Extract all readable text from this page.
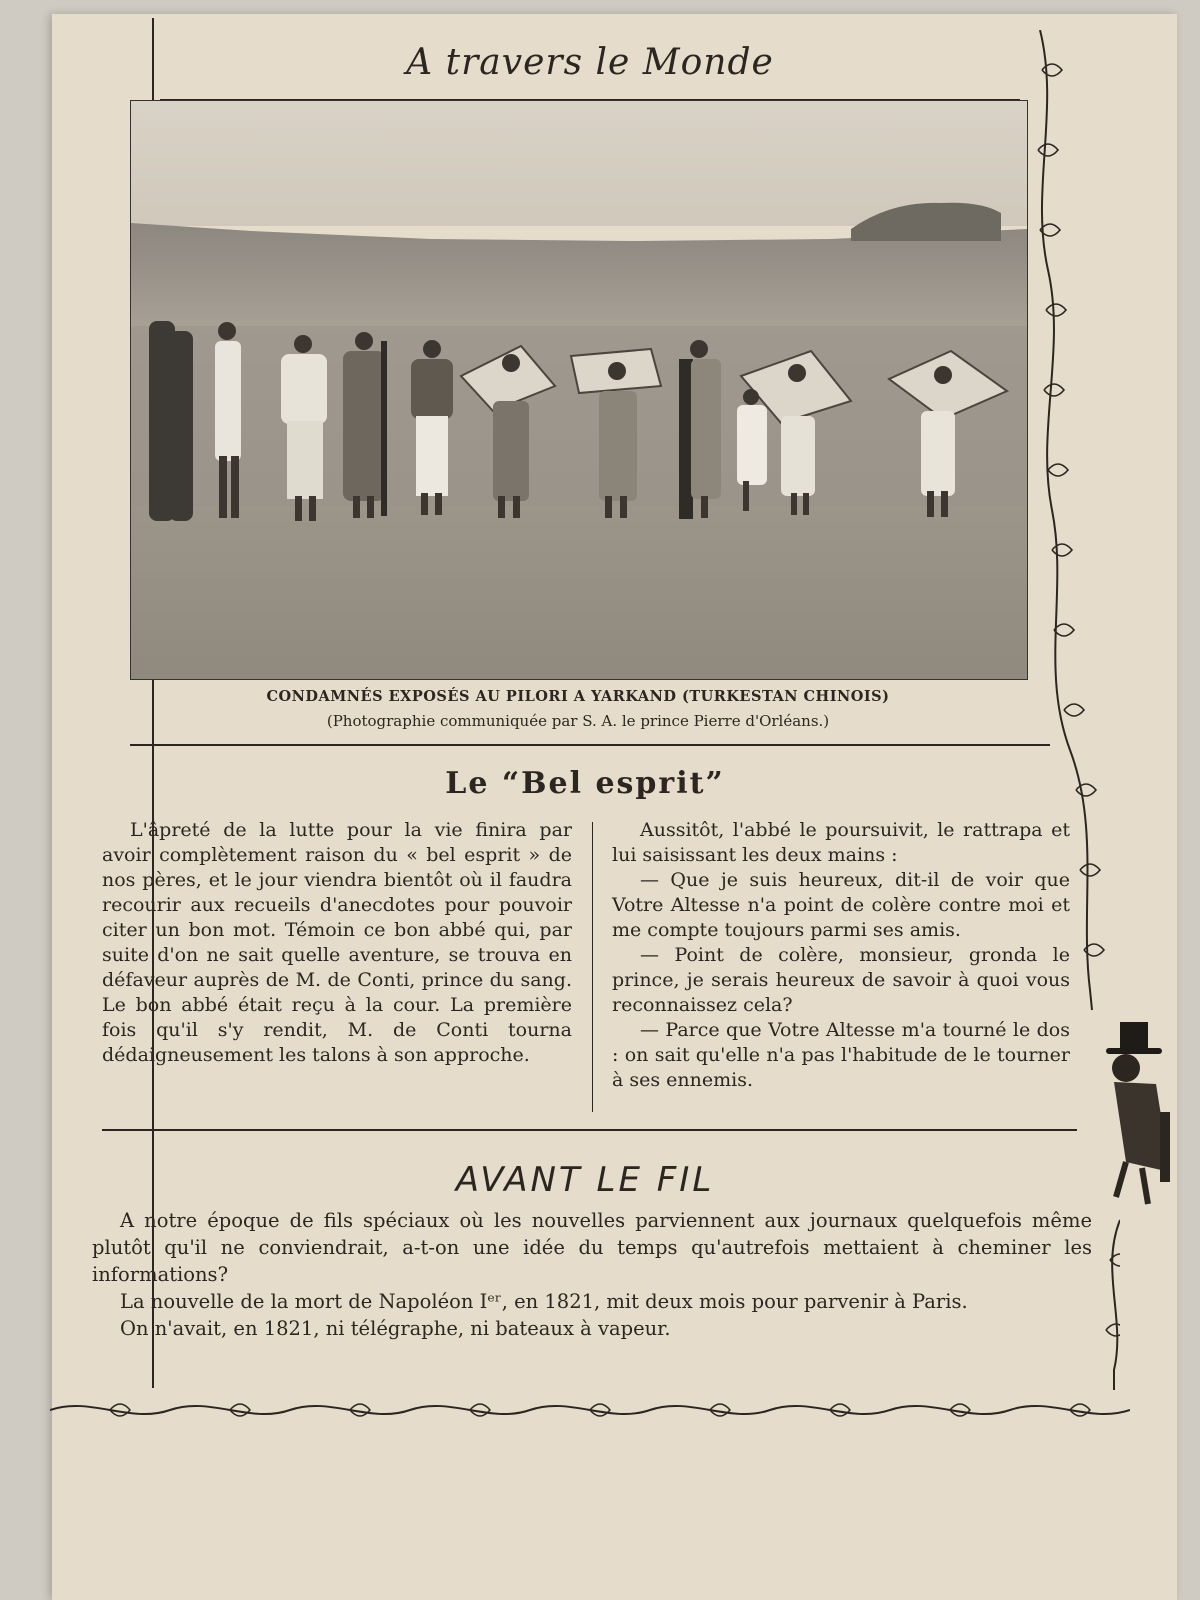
A travers le Monde
CONDAMNÉS EXPOSÉS AU PILORI A YARKAND (TURKESTAN CHINOIS)
(Photographie communiquée par S. A. le prince Pierre d'Orléans.)
Le “Bel esprit”

L'âpreté de la lutte pour la vie finira par avoir complètement raison du « bel esprit » de nos pères, et le jour viendra bientôt où il faudra recourir aux recueils d'anecdotes pour pouvoir citer un bon mot. Témoin ce bon abbé qui, par suite d'on ne sait quelle aventure, se trouva en défaveur auprès de M. de Conti, prince du sang. Le bon abbé était reçu à la cour. La première fois qu'il s'y rendit, M. de Conti tourna dédaigneusement les talons à son approche.

Aussitôt, l'abbé le poursuivit, le rattrapa et lui saisissant les deux mains :

— Que je suis heureux, dit-il de voir que Votre Altesse n'a point de colère contre moi et me compte toujours parmi ses amis.

— Point de colère, monsieur, gronda le prince, je serais heureux de savoir à quoi vous reconnaissez cela?

— Parce que Votre Altesse m'a tourné le dos : on sait qu'elle n'a pas l'habitude de le tourner à ses ennemis.

AVANT LE FIL

A notre époque de fils spéciaux où les nouvelles parviennent aux journaux quelquefois même plutôt qu'il ne conviendrait, a-t-on une idée du temps qu'autrefois mettaient à cheminer les informations?

La nouvelle de la mort de Napoléon Iᵉʳ, en 1821, mit deux mois pour parvenir à Paris.

On n'avait, en 1821, ni télégraphe, ni bateaux à vapeur.
